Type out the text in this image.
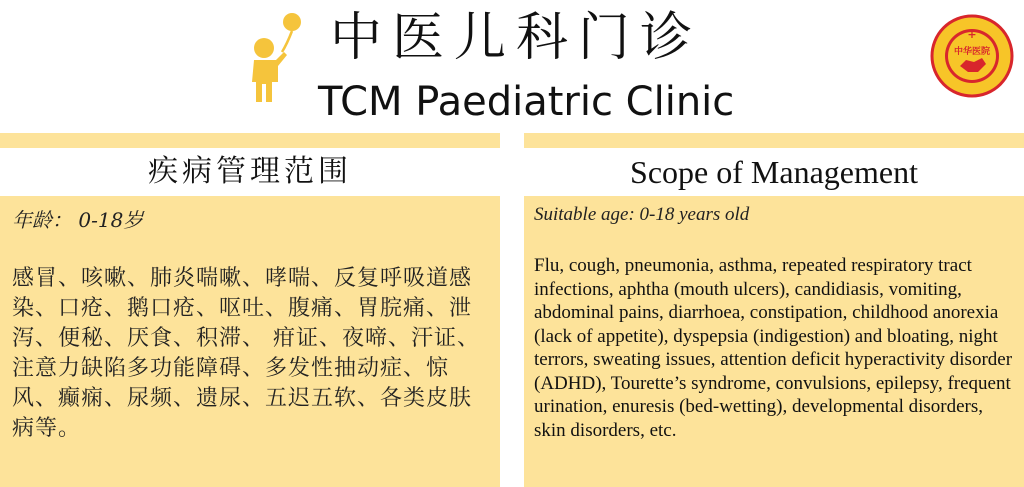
中医儿科门诊
TCM Paediatric Clinic
中华医院
+
疾病管理范围	Scope of Management
年龄： 0-18岁
感冒、咳嗽、肺炎喘嗽、哮喘、反复呼吸道感染、口疮、鹅口疮、呕吐、腹痛、胃脘痛、泄泻、便秘、厌食、积滞、 疳证、夜啼、汗证、注意力缺陷多功能障碍、多发性抽动症、惊风、癫痫、尿频、遗尿、五迟五软、各类皮肤病等。
Suitable age: 0-18 years old
Flu, cough, pneumonia, asthma, repeated respiratory tract infections, aphtha (mouth ulcers), candidiasis, vomiting, abdominal pains, diarrhoea, constipation, childhood anorexia (lack of appetite), dyspepsia (indigestion) and bloating, night terrors, sweating issues, attention deficit hyperactivity disorder (ADHD), Tourette’s syndrome, convulsions, epilepsy, frequent urination, enuresis (bed-wetting), developmental disorders, skin disorders, etc.
